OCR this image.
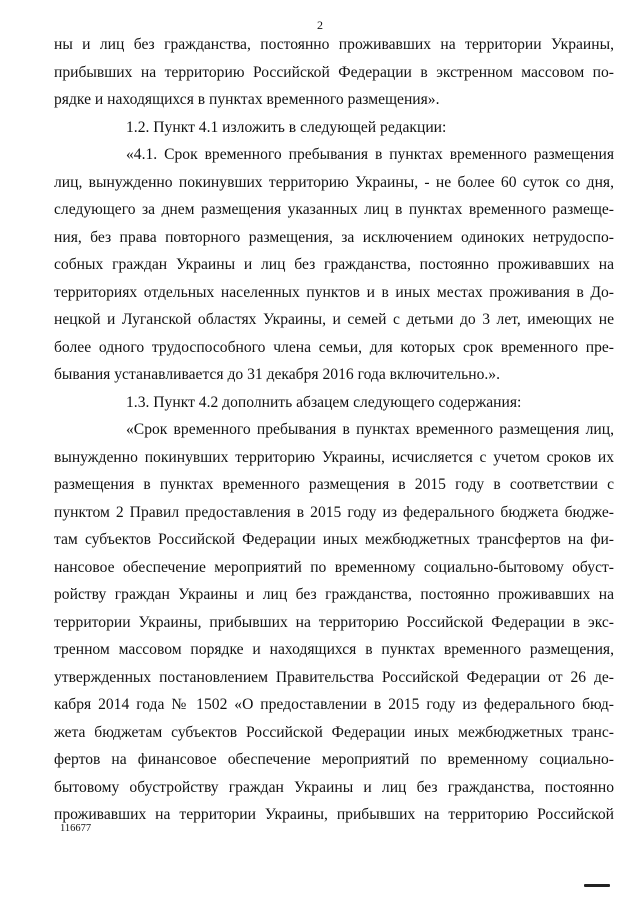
2
ны и лиц без гражданства, постоянно проживавших на территории Украины,
прибывших на территорию Российской Федерации в экстренном массовом по-
рядке и находящихся в пунктах временного размещения».
1.2. Пункт 4.1 изложить в следующей редакции:
«4.1. Срок временного пребывания в пунктах временного размещения
лиц, вынужденно покинувших территорию Украины, - не более 60 суток со дня,
следующего за днем размещения указанных лиц в пунктах временного размеще-
ния, без права повторного размещения, за исключением одиноких нетрудоспо-
собных граждан Украины и лиц без гражданства, постоянно проживавших на
территориях отдельных населенных пунктов и в иных местах проживания в До-
нецкой и Луганской областях Украины, и семей с детьми до 3 лет, имеющих не
более одного трудоспособного члена семьи, для которых срок временного пре-
бывания устанавливается до 31 декабря 2016 года включительно.».
1.3. Пункт 4.2 дополнить абзацем следующего содержания:
«Срок временного пребывания в пунктах временного размещения лиц,
вынужденно покинувших территорию Украины, исчисляется с учетом сроков их
размещения в пунктах временного размещения в 2015 году в соответствии с
пунктом 2 Правил предоставления в 2015 году из федерального бюджета бюдже-
там субъектов Российской Федерации иных межбюджетных трансфертов на фи-
нансовое обеспечение мероприятий по временному социально-бытовому обуст-
ройству граждан Украины и лиц без гражданства, постоянно проживавших на
территории Украины, прибывших на территорию Российской Федерации в экс-
тренном массовом порядке и находящихся в пунктах временного размещения,
утвержденных постановлением Правительства Российской Федерации от 26 де-
кабря 2014 года № 1502 «О предоставлении в 2015 году из федерального бюд-
жета бюджетам субъектов Российской Федерации иных межбюджетных транс-
фертов на финансовое обеспечение мероприятий по временному социально-
бытовому обустройству граждан Украины и лиц без гражданства, постоянно
проживавших на территории Украины, прибывших на территорию Российской
116677
